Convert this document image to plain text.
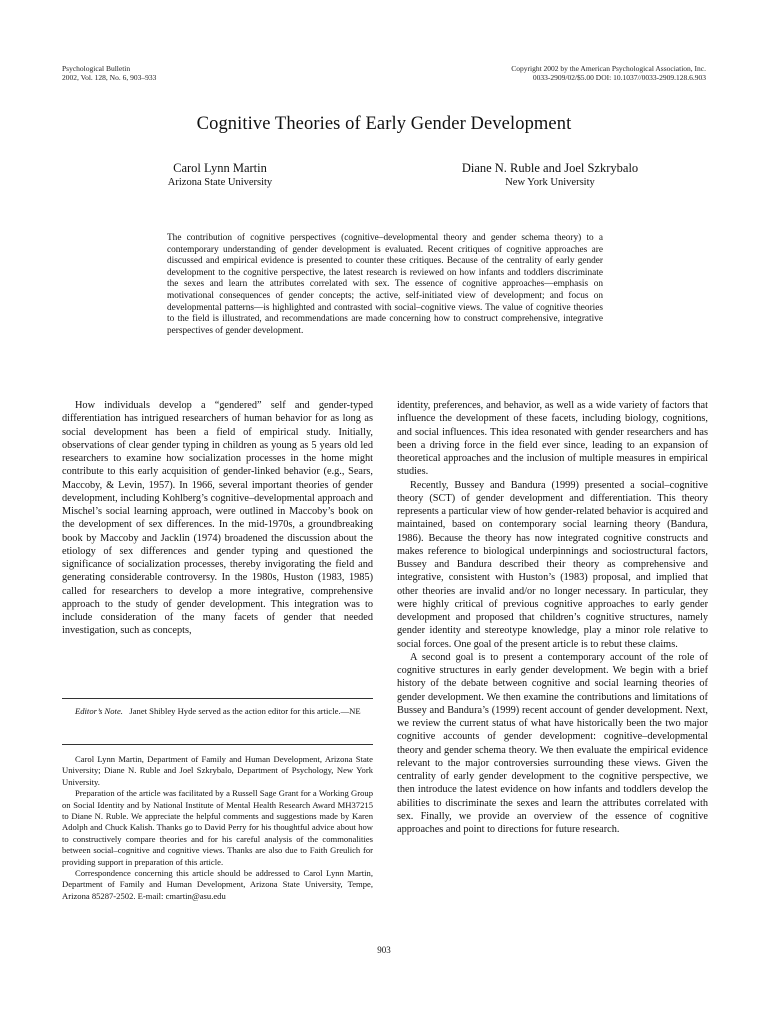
Psychological Bulletin
2002, Vol. 128, No. 6, 903–933
Copyright 2002 by the American Psychological Association, Inc.
0033-2909/02/$5.00 DOI: 10.1037//0033-2909.128.6.903
Cognitive Theories of Early Gender Development
Carol Lynn Martin
Arizona State University
Diane N. Ruble and Joel Szkrybalo
New York University

The contribution of cognitive perspectives (cognitive–developmental theory and gender schema theory) to a contemporary understanding of gender development is evaluated. Recent critiques of cognitive approaches are discussed and empirical evidence is presented to counter these critiques. Because of the centrality of early gender development to the cognitive perspective, the latest research is reviewed on how infants and toddlers discriminate the sexes and learn the attributes correlated with sex. The essence of cognitive approaches—emphasis on motivational consequences of gender concepts; the active, self-initiated view of development; and focus on developmental patterns—is highlighted and contrasted with social–cognitive views. The value of cognitive theories to the field is illustrated, and recommendations are made concerning how to construct comprehensive, integrative perspectives of gender development.

How individuals develop a “gendered” self and gender-typed differentiation has intrigued researchers of human behavior for as long as social development has been a field of empirical study. Initially, observations of clear gender typing in children as young as 5 years old led researchers to examine how socialization processes in the home might contribute to this early acquisition of gender-linked behavior (e.g., Sears, Maccoby, & Levin, 1957). In 1966, several important theories of gender development, including Kohlberg’s cognitive–developmental approach and Mischel’s social learning approach, were outlined in Maccoby’s book on the development of sex differences. In the mid-1970s, a groundbreaking book by Maccoby and Jacklin (1974) broadened the discussion about the etiology of sex differences and gender typing and questioned the significance of socialization processes, thereby invigorating the field and generating considerable controversy. In the 1980s, Huston (1983, 1985) called for researchers to develop a more integrative, comprehensive approach to the study of gender development. This integration was to include consideration of the many facets of gender that needed investigation, such as concepts,

Editor’s Note. Janet Shibley Hyde served as the action editor for this article.—NE

Carol Lynn Martin, Department of Family and Human Development, Arizona State University; Diane N. Ruble and Joel Szkrybalo, Department of Psychology, New York University.

Preparation of the article was facilitated by a Russell Sage Grant for a Working Group on Social Identity and by National Institute of Mental Health Research Award MH37215 to Diane N. Ruble. We appreciate the helpful comments and suggestions made by Karen Adolph and Chuck Kalish. Thanks go to David Perry for his thoughtful advice about how to constructively compare theories and for his careful analysis of the commonalities between social–cognitive and cognitive views. Thanks are also due to Faith Greulich for providing support in preparation of this article.

Correspondence concerning this article should be addressed to Carol Lynn Martin, Department of Family and Human Development, Arizona State University, Tempe, Arizona 85287-2502. E-mail: cmartin@asu.edu

identity, preferences, and behavior, as well as a wide variety of factors that influence the development of these facets, including biology, cognitions, and social influences. This idea resonated with gender researchers and has been a driving force in the field ever since, leading to an expansion of theoretical approaches and the inclusion of multiple measures in empirical studies.

Recently, Bussey and Bandura (1999) presented a social–cognitive theory (SCT) of gender development and differentiation. This theory represents a particular view of how gender-related behavior is acquired and maintained, based on contemporary social learning theory (Bandura, 1986). Because the theory has now integrated cognitive constructs and makes reference to biological underpinnings and sociostructural factors, Bussey and Bandura described their theory as comprehensive and integrative, consistent with Huston’s (1983) proposal, and implied that other theories are invalid and/or no longer necessary. In particular, they were highly critical of previous cognitive approaches to early gender development and proposed that children’s cognitive structures, namely gender identity and stereotype knowledge, play a minor role relative to social forces. One goal of the present article is to rebut these claims.

A second goal is to present a contemporary account of the role of cognitive structures in early gender development. We begin with a brief history of the debate between cognitive and social learning theories of gender development. We then examine the contributions and limitations of Bussey and Bandura’s (1999) recent account of gender development. Next, we review the current status of what have historically been the two major cognitive accounts of gender development: cognitive–developmental theory and gender schema theory. We then evaluate the empirical evidence relevant to the major controversies surrounding these views. Given the centrality of early gender development to the cognitive perspective, we then introduce the latest evidence on how infants and toddlers develop the abilities to discriminate the sexes and learn the attributes correlated with sex. Finally, we provide an overview of the essence of cognitive approaches and point to directions for future research.

903
